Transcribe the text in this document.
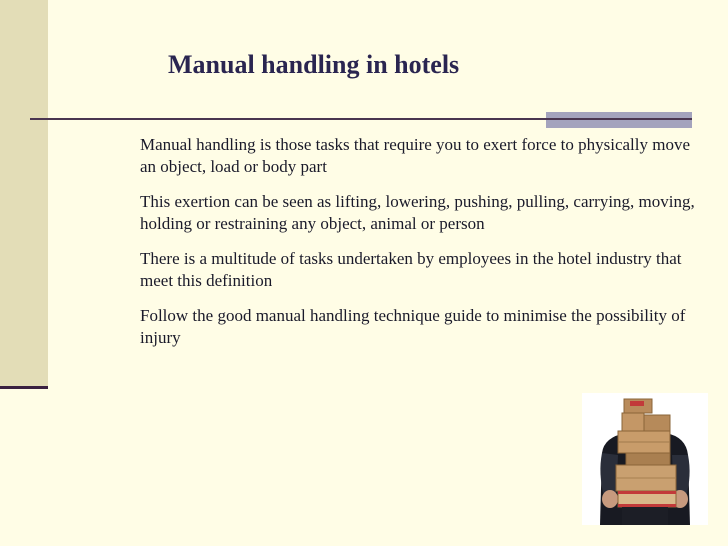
Manual handling in hotels

Manual handling is those tasks that require you to exert force to physically move an object, load or body part

This exertion can be seen as lifting, lowering, pushing, pulling, carrying, moving, holding or restraining any object, animal or person

There is a multitude of tasks undertaken by employees in the hotel industry that meet this definition

Follow the good manual handling technique guide to minimise the possibility of injury
